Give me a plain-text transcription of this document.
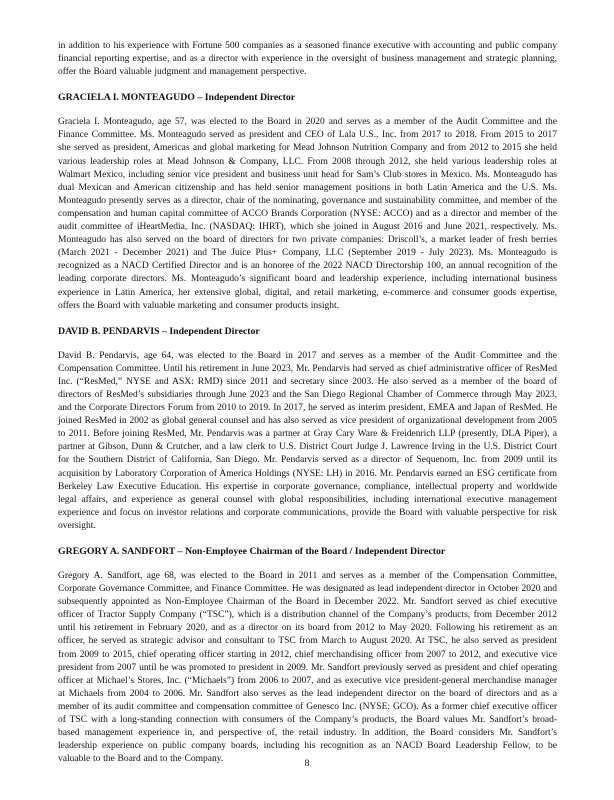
in addition to his experience with Fortune 500 companies as a seasoned finance executive with accounting and public company financial reporting expertise, and as a director with experience in the oversight of business management and strategic planning, offer the Board valuable judgment and management perspective.

GRACIELA I. MONTEAGUDO – Independent Director

Graciela I. Monteagudo, age 57, was elected to the Board in 2020 and serves as a member of the Audit Committee and the Finance Committee. Ms. Monteagudo served as president and CEO of Lala U.S., Inc. from 2017 to 2018. From 2015 to 2017 she served as president, Americas and global marketing for Mead Johnson Nutrition Company and from 2012 to 2015 she held various leadership roles at Mead Johnson & Company, LLC. From 2008 through 2012, she held various leadership roles at Walmart Mexico, including senior vice president and business unit head for Sam’s Club stores in Mexico. Ms. Monteagudo has dual Mexican and American citizenship and has held senior management positions in both Latin America and the U.S. Ms. Monteagudo presently serves as a director, chair of the nominating, governance and sustainability committee, and member of the compensation and human capital committee of ACCO Brands Corporation (NYSE: ACCO) and as a director and member of the audit committee of iHeartMedia, Inc. (NASDAQ: IHRT), which she joined in August 2016 and June 2021, respectively. Ms. Monteagudo has also served on the board of directors for two private companies: Driscoll’s, a market leader of fresh berries (March 2021 - December 2021) and The Juice Plus+ Company, LLC (September 2019 - July 2023). Ms. Monteagudo is recognized as a NACD Certified Director and is an honoree of the 2022 NACD Directorship 100, an annual recognition of the leading corporate directors. Ms. Monteagudo’s significant board and leadership experience, including international business experience in Latin America, her extensive global, digital, and retail marketing, e-commerce and consumer goods expertise, offers the Board with valuable marketing and consumer products insight.

DAVID B. PENDARVIS – Independent Director

David B. Pendarvis, age 64, was elected to the Board in 2017 and serves as a member of the Audit Committee and the Compensation Committee. Until his retirement in June 2023, Mr. Pendarvis had served as chief administrative officer of ResMed Inc. (“ResMed,” NYSE and ASX: RMD) since 2011 and secretary since 2003. He also served as a member of the board of directors of ResMed’s subsidiaries through June 2023 and the San Diego Regional Chamber of Commerce through May 2023, and the Corporate Directors Forum from 2010 to 2019. In 2017, he served as interim president, EMEA and Japan of ResMed. He joined ResMed in 2002 as global general counsel and has also served as vice president of organizational development from 2005 to 2011. Before joining ResMed, Mr. Pendarvis was a partner at Gray Cary Ware & Freidenrich LLP (presently, DLA Piper), a partner at Gibson, Dunn & Crutcher, and a law clerk to U.S. District Court Judge J. Lawrence Irving in the U.S. District Court for the Southern District of California, San Diego. Mr. Pendarvis served as a director of Sequenom, Inc. from 2009 until its acquisition by Laboratory Corporation of America Holdings (NYSE: LH) in 2016. Mr. Pendarvis earned an ESG certificate from Berkeley Law Executive Education. His expertise in corporate governance, compliance, intellectual property and worldwide legal affairs, and experience as general counsel with global responsibilities, including international executive management experience and focus on investor relations and corporate communications, provide the Board with valuable perspective for risk oversight.

GREGORY A. SANDFORT – Non-Employee Chairman of the Board / Independent Director

Gregory A. Sandfort, age 68, was elected to the Board in 2011 and serves as a member of the Compensation Committee, Corporate Governance Committee, and Finance Committee. He was designated as lead independent director in October 2020 and subsequently appointed as Non-Employee Chairman of the Board in December 2022. Mr. Sandfort served as chief executive officer of Tractor Supply Company (“TSC”), which is a distribution channel of the Company’s products, from December 2012 until his retirement in February 2020, and as a director on its board from 2012 to May 2020. Following his retirement as an officer, he served as strategic advisor and consultant to TSC from March to August 2020. At TSC, he also served as president from 2009 to 2015, chief operating officer starting in 2012, chief merchandising officer from 2007 to 2012, and executive vice president from 2007 until he was promoted to president in 2009. Mr. Sandfort previously served as president and chief operating officer at Michael’s Stores, Inc. (“Michaels”) from 2006 to 2007, and as executive vice president-general merchandise manager at Michaels from 2004 to 2006. Mr. Sandfort also serves as the lead independent director on the board of directors and as a member of its audit committee and compensation committee of Genesco Inc. (NYSE: GCO). As a former chief executive officer of TSC with a long-standing connection with consumers of the Company’s products, the Board values Mr. Sandfort’s broad-based management experience in, and perspective of, the retail industry. In addition, the Board considers Mr. Sandfort’s leadership experience on public company boards, including his recognition as an NACD Board Leadership Fellow, to be valuable to the Board and to the Company.	8
